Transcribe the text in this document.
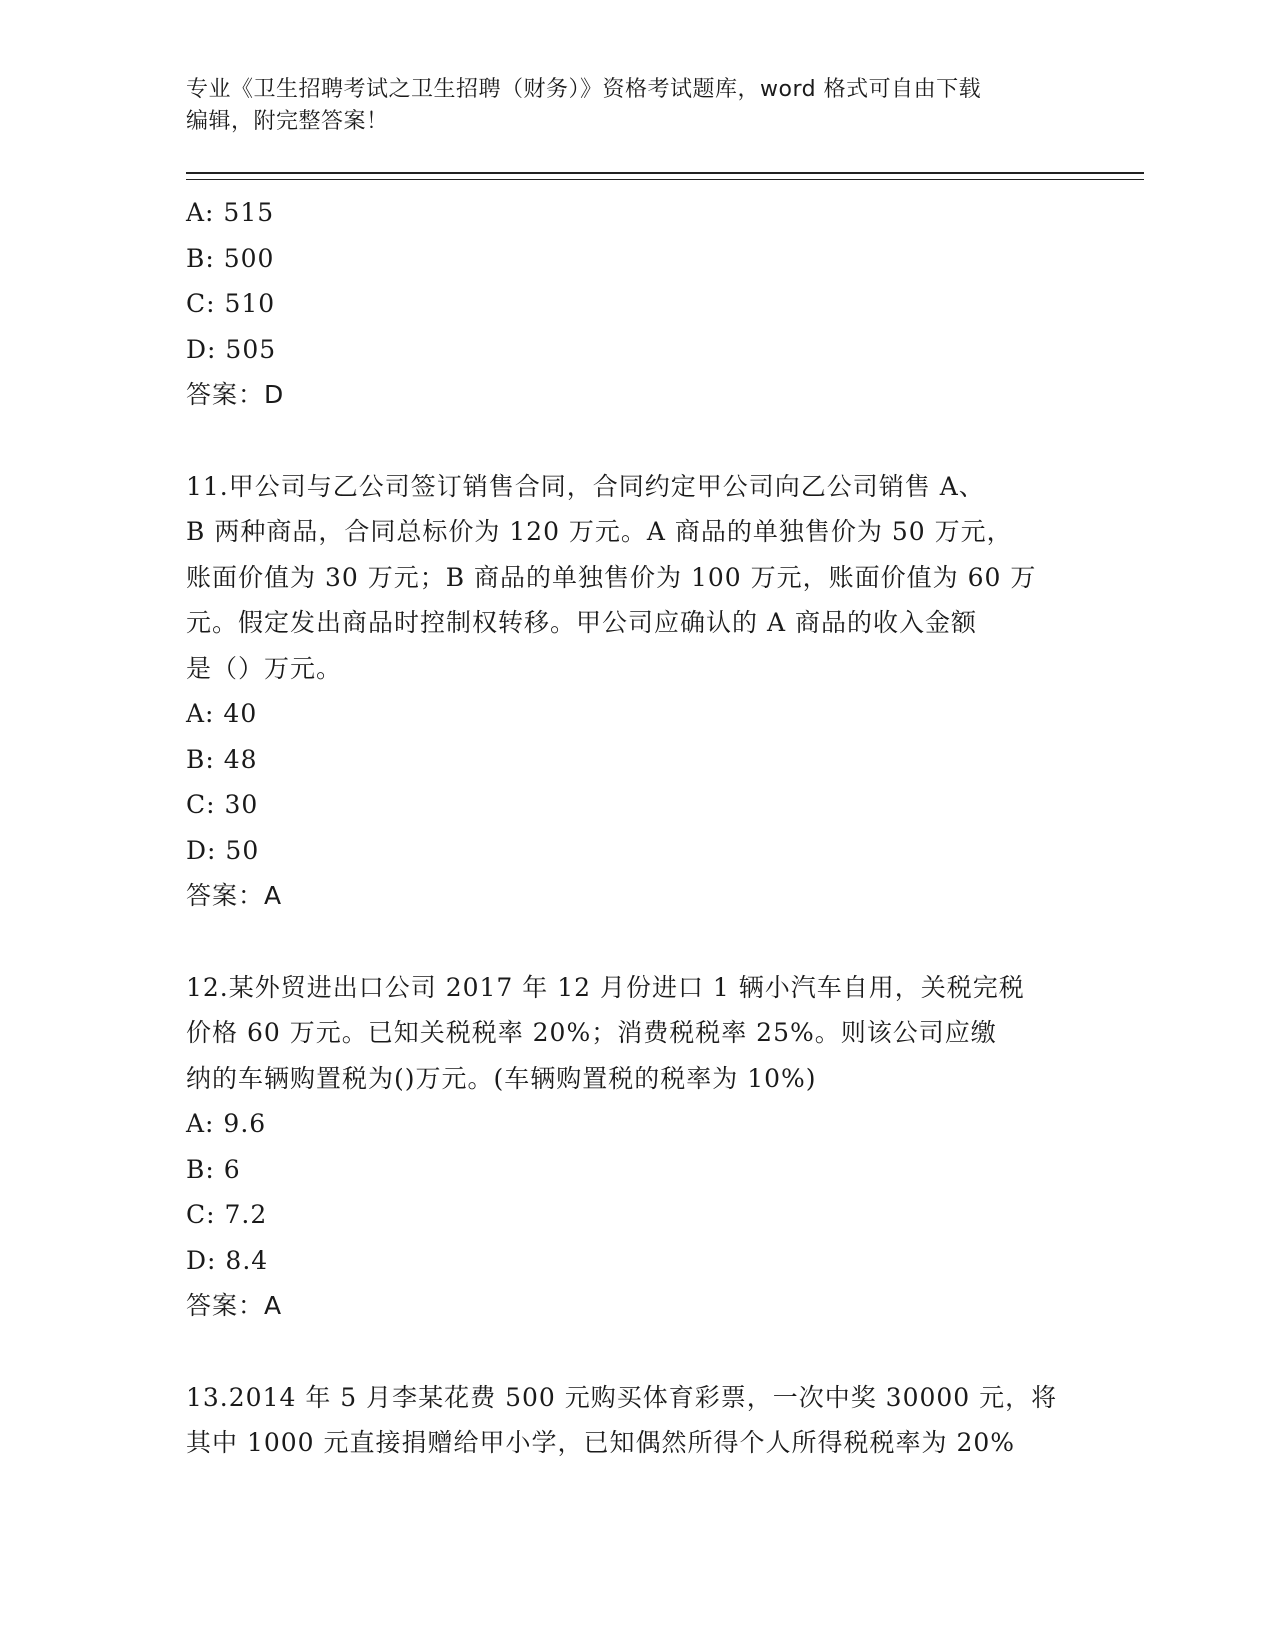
专业《卫生招聘考试之卫生招聘（财务）》资格考试题库，word 格式可自由下载
编辑，附完整答案！
A: 515
B: 500
C: 510
D: 505
答案：D
11.甲公司与乙公司签订销售合同，合同约定甲公司向乙公司销售 A、
B 两种商品，合同总标价为 120 万元。A 商品的单独售价为 50 万元，
账面价值为 30 万元；B 商品的单独售价为 100 万元，账面价值为 60 万
元。假定发出商品时控制权转移。甲公司应确认的 A 商品的收入金额
是（）万元。
A: 40
B: 48
C: 30
D: 50
答案：A
12.某外贸进出口公司 2017 年 12 月份进口 1 辆小汽车自用，关税完税
价格 60 万元。已知关税税率 20%；消费税税率 25%。则该公司应缴
纳的车辆购置税为()万元。(车辆购置税的税率为 10%)
A: 9.6
B: 6
C: 7.2
D: 8.4
答案：A
13.2014 年 5 月李某花费 500 元购买体育彩票，一次中奖 30000 元，将
其中 1000 元直接捐赠给甲小学，已知偶然所得个人所得税税率为 20%
